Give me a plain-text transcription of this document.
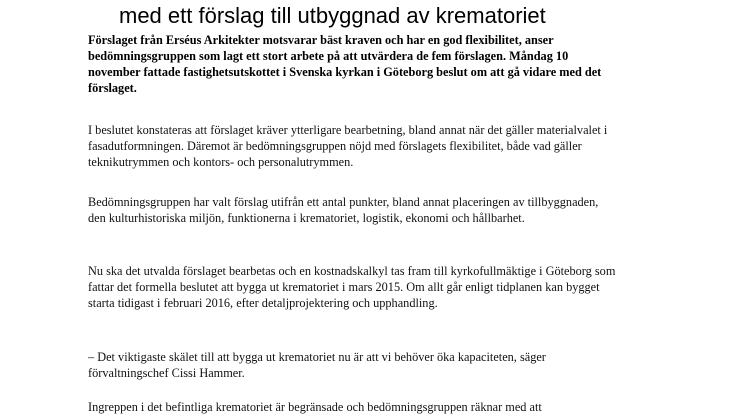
med ett förslag till utbyggnad av krematoriet

Förslaget från Erséus Arkitekter motsvarar bäst kraven och har en god flexibilitet, anser bedömningsgruppen som lagt ett stort arbete på att utvärdera de fem förslagen. Måndag 10 november fattade fastighetsutskottet i Svenska kyrkan i Göteborg beslut om att gå vidare med det förslaget.

I beslutet konstateras att förslaget kräver ytterligare bearbetning, bland annat när det gäller materialvalet i fasadutformningen. Däremot är bedömningsgruppen nöjd med förslagets flexibilitet, både vad gäller teknikutrymmen och kontors- och personalutrymmen.

Bedömningsgruppen har valt förslag utifrån ett antal punkter, bland annat placeringen av tillbyggnaden, den kulturhistoriska miljön, funktionerna i krematoriet, logistik, ekonomi och hållbarhet.

Nu ska det utvalda förslaget bearbetas och en kostnadskalkyl tas fram till kyrkofullmäktige i Göteborg som fattar det formella beslutet att bygga ut krematoriet i mars 2015. Om allt går enligt tidplanen kan bygget starta tidigast i februari 2016, efter detaljprojektering och upphandling.

– Det viktigaste skälet till att bygga ut krematoriet nu är att vi behöver öka kapaciteten, säger förvaltningschef Cissi Hammer.

Ingreppen i det befintliga krematoriet är begränsade och bedömningsgruppen räknar med att
